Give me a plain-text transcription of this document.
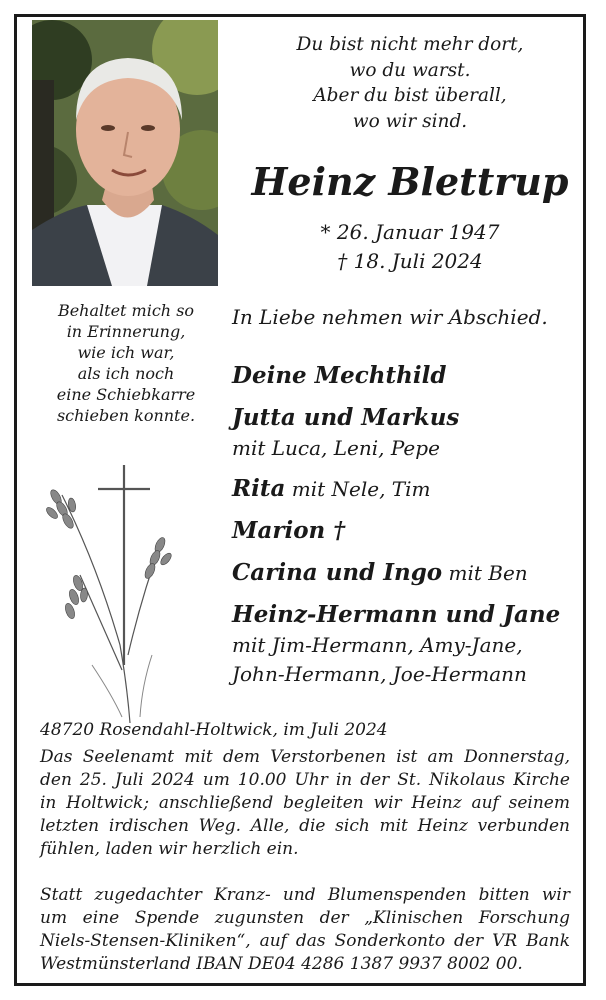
Du bist nicht mehr dort,
wo du warst.
Aber du bist überall,
wo wir sind.
Heinz Blettrup
* 26. Januar 1947
† 18. Juli 2024
Behaltet mich so
in Erinnerung,
wie ich war,
als ich noch
eine Schiebkarre
schieben konnte.
In Liebe nehmen wir Abschied.
Deine Mechthild
Jutta und Markus
mit Luca, Leni, Pepe
Rita mit Nele, Tim
Marion †
Carina und Ingo mit Ben
Heinz-Hermann und Jane
mit Jim-Hermann, Amy-Jane,
John-Hermann, Joe-Hermann
48720 Rosendahl-Holtwick, im Juli 2024
Das Seelenamt mit dem Verstorbenen ist am Donnerstag,
den 25. Juli 2024 um 10.00 Uhr in der St. Nikolaus Kirche
in Holtwick; anschließend begleiten wir Heinz auf seinem
letzten irdischen Weg. Alle, die sich mit Heinz verbunden
fühlen, laden wir herzlich ein.
Statt zugedachter Kranz- und Blumenspenden bitten wir
um eine Spende zugunsten der „Klinischen Forschung
Niels-Stensen-Kliniken“, auf das Sonderkonto der VR Bank
Westmünsterland IBAN DE04 4286 1387 9937 8002 00.
